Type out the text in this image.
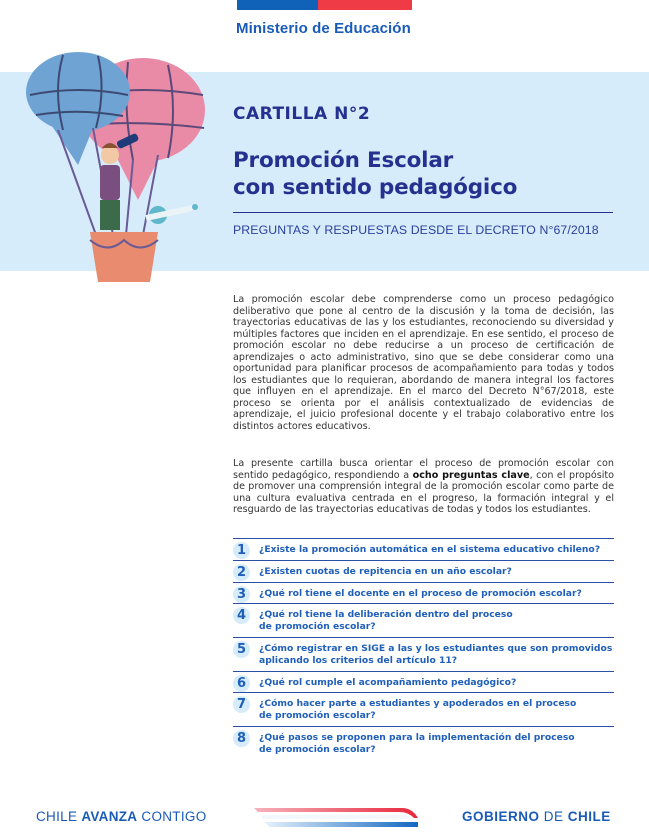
Ministerio de Educación
CARTILLA N°2
Promoción Escolar
con sentido pedagógico
PREGUNTAS Y RESPUESTAS DESDE EL DECRETO N°67/2018

La promoción escolar debe comprenderse como un proceso pedagógico deliberativo que pone al centro de la discusión y la toma de decisión, las trayectorias educativas de las y los estudiantes, reconociendo su diversidad y múltiples factores que inciden en el aprendizaje. En ese sentido, el proceso de promoción escolar no debe reducirse a un proceso de certificación de aprendizajes o acto administrativo, sino que se debe considerar como una oportunidad para planificar procesos de acompañamiento para todas y todos los estudiantes que lo requieran, abordando de manera integral los factores que influyen en el aprendizaje. En el marco del Decreto N°67/2018, este proceso se orienta por el análisis contextualizado de evidencias de aprendizaje, el juicio profesional docente y el trabajo colaborativo entre los distintos actores educativos.

La presente cartilla busca orientar el proceso de promoción escolar con sentido pedagógico, respondiendo a ocho preguntas clave, con el propósito de promover una comprensión integral de la promoción escolar como parte de una cultura evaluativa centrada en el progreso, la formación integral y el resguardo de las trayectorias educativas de todas y todos los estudiantes.

1	¿Existe la promoción automática en el sistema educativo chileno?
2	¿Existen cuotas de repitencia en un año escolar?
3	¿Qué rol tiene el docente en el proceso de promoción escolar?
4	¿Qué rol tiene la deliberación dentro del proceso
de promoción escolar?
5	¿Cómo registrar en SIGE a las y los estudiantes que son promovidos
aplicando los criterios del artículo 11?
6	¿Qué rol cumple el acompañamiento pedagógico?
7	¿Cómo hacer parte a estudiantes y apoderados en el proceso
de promoción escolar?
8	¿Qué pasos se proponen para la implementación del proceso
de promoción escolar?
CHILE AVANZA CONTIGO	GOBIERNO DE CHILE
